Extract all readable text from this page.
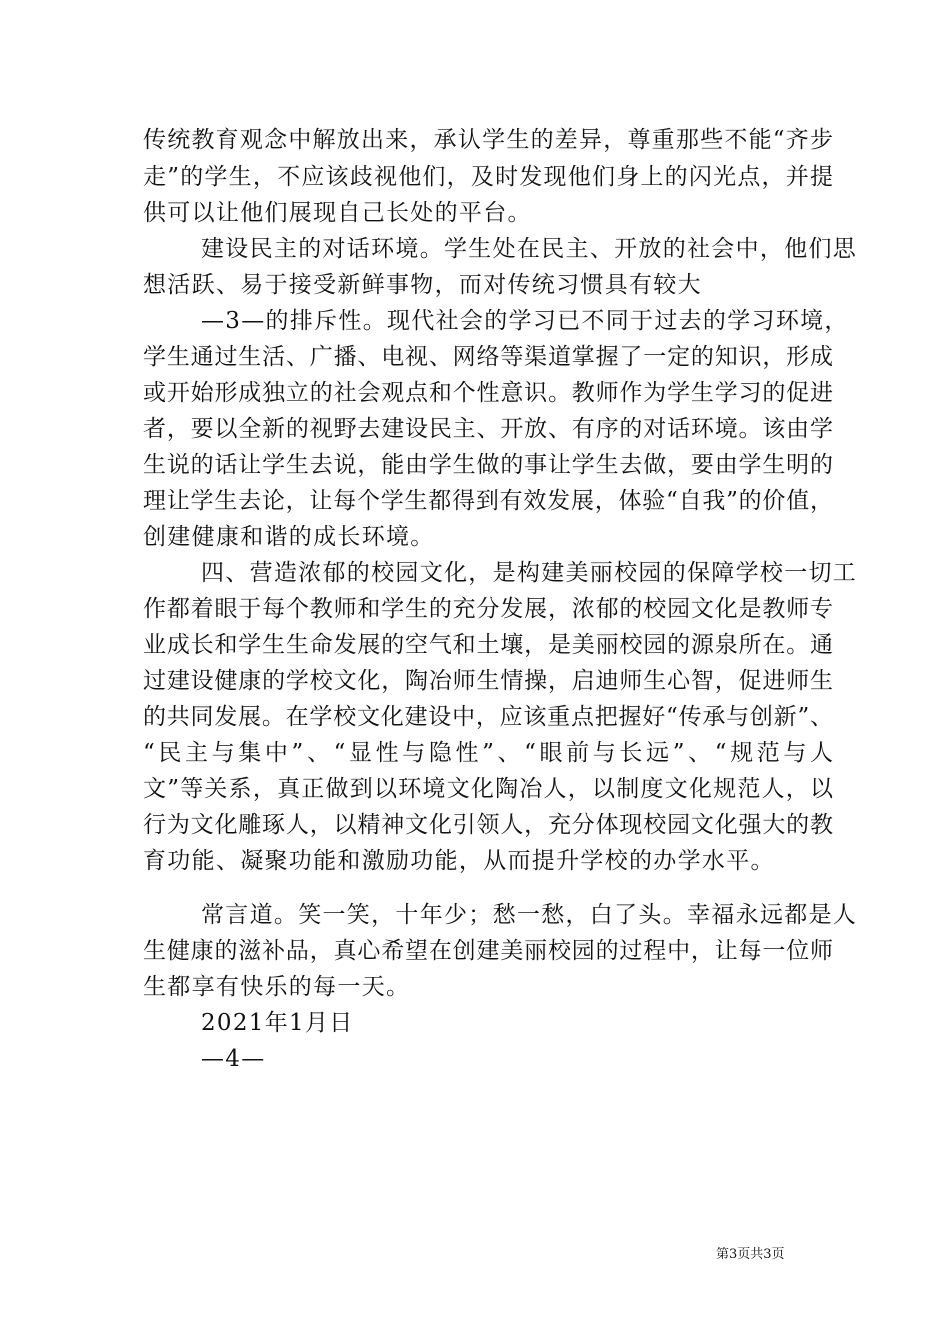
传统教育观念中解放出来，承认学生的差异，尊重那些不能“齐步
走”的学生，不应该歧视他们，及时发现他们身上的闪光点，并提
供可以让他们展现自己长处的平台。
建设民主的对话环境。学生处在民主、开放的社会中，他们思
想活跃、易于接受新鲜事物，而对传统习惯具有较大
—3—的排斥性。现代社会的学习已不同于过去的学习环境，
学生通过生活、广播、电视、网络等渠道掌握了一定的知识，形成
或开始形成独立的社会观点和个性意识。教师作为学生学习的促进
者，要以全新的视野去建设民主、开放、有序的对话环境。该由学
生说的话让学生去说，能由学生做的事让学生去做，要由学生明的
理让学生去论，让每个学生都得到有效发展，体验“自我”的价值，
创建健康和谐的成长环境。
四、营造浓郁的校园文化，是构建美丽校园的保障学校一切工
作都着眼于每个教师和学生的充分发展，浓郁的校园文化是教师专
业成长和学生生命发展的空气和土壤，是美丽校园的源泉所在。通
过建设健康的学校文化，陶冶师生情操，启迪师生心智，促进师生
的共同发展。在学校文化建设中，应该重点把握好“传承与创新”、
“民主与集中”、“显性与隐性”、“眼前与长远”、“规范与人
文”等关系，真正做到以环境文化陶冶人，以制度文化规范人，以
行为文化雕琢人，以精神文化引领人，充分体现校园文化强大的教
育功能、凝聚功能和激励功能，从而提升学校的办学水平。
常言道。笑一笑，十年少；愁一愁，白了头。幸福永远都是人
生健康的滋补品，真心希望在创建美丽校园的过程中，让每一位师
生都享有快乐的每一天。
2021年1月日
—4—
第3页共3页
